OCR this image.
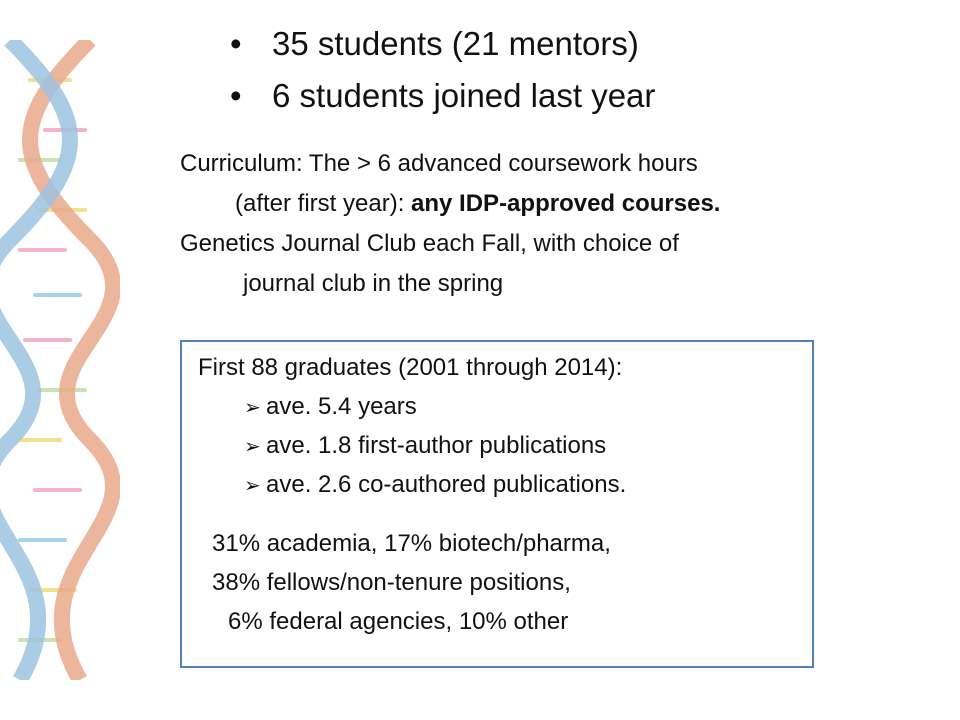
• 35 students (21 mentors)
• 6 students joined last year
Curriculum: The > 6 advanced coursework hours
(after first year): any IDP-approved courses.
Genetics Journal Club each Fall, with choice of
journal club in the spring
First 88 graduates (2001 through 2014):
➢ ave. 5.4 years
➢ ave. 1.8 first-author publications
➢ ave. 2.6 co-authored publications.
31% academia, 17% biotech/pharma,
38% fellows/non-tenure positions,
6% federal agencies, 10% other
